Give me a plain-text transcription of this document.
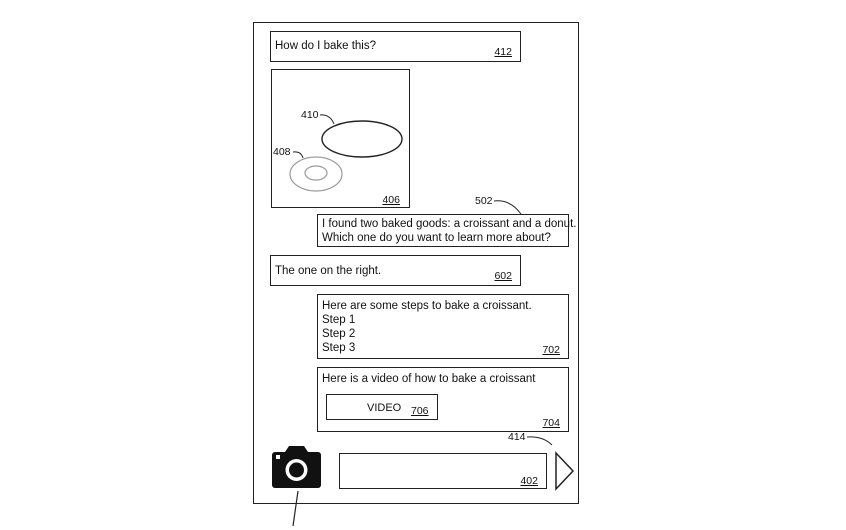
How do I bake this?	412
406
410
408
502
I found two baked goods: a croissant and a donut.
Which one do you want to learn more about?
The one on the right.	602
Here are some steps to bake a croissant.
Step 1
Step 2
Step 3	702
Here is a video of how to bake a croissant
VIDEO 706
704
402
414
